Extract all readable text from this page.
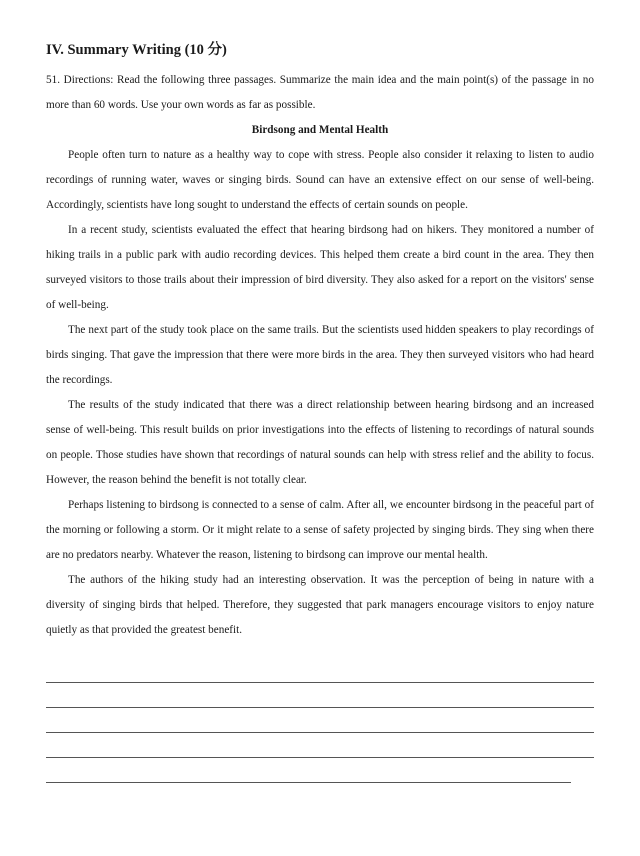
IV. Summary Writing (10 分)

51. Directions: Read the following three passages. Summarize the main idea and the main point(s) of the passage in no more than 60 words. Use your own words as far as possible.

Birdsong and Mental Health

People often turn to nature as a healthy way to cope with stress. People also consider it relaxing to listen to audio recordings of running water, waves or singing birds. Sound can have an extensive effect on our sense of well-being. Accordingly, scientists have long sought to understand the effects of certain sounds on people.

In a recent study, scientists evaluated the effect that hearing birdsong had on hikers. They monitored a number of hiking trails in a public park with audio recording devices. This helped them create a bird count in the area. They then surveyed visitors to those trails about their impression of bird diversity. They also asked for a report on the visitors' sense of well-being.

The next part of the study took place on the same trails. But the scientists used hidden speakers to play recordings of birds singing. That gave the impression that there were more birds in the area. They then surveyed visitors who had heard the recordings.

The results of the study indicated that there was a direct relationship between hearing birdsong and an increased sense of well-being. This result builds on prior investigations into the effects of listening to recordings of natural sounds on people. Those studies have shown that recordings of natural sounds can help with stress relief and the ability to focus. However, the reason behind the benefit is not totally clear.

Perhaps listening to birdsong is connected to a sense of calm. After all, we encounter birdsong in the peaceful part of the morning or following a storm. Or it might relate to a sense of safety projected by singing birds. They sing when there are no predators nearby. Whatever the reason, listening to birdsong can improve our mental health.

The authors of the hiking study had an interesting observation. It was the perception of being in nature with a diversity of singing birds that helped. Therefore, they suggested that park managers encourage visitors to enjoy nature quietly as that provided the greatest benefit.
